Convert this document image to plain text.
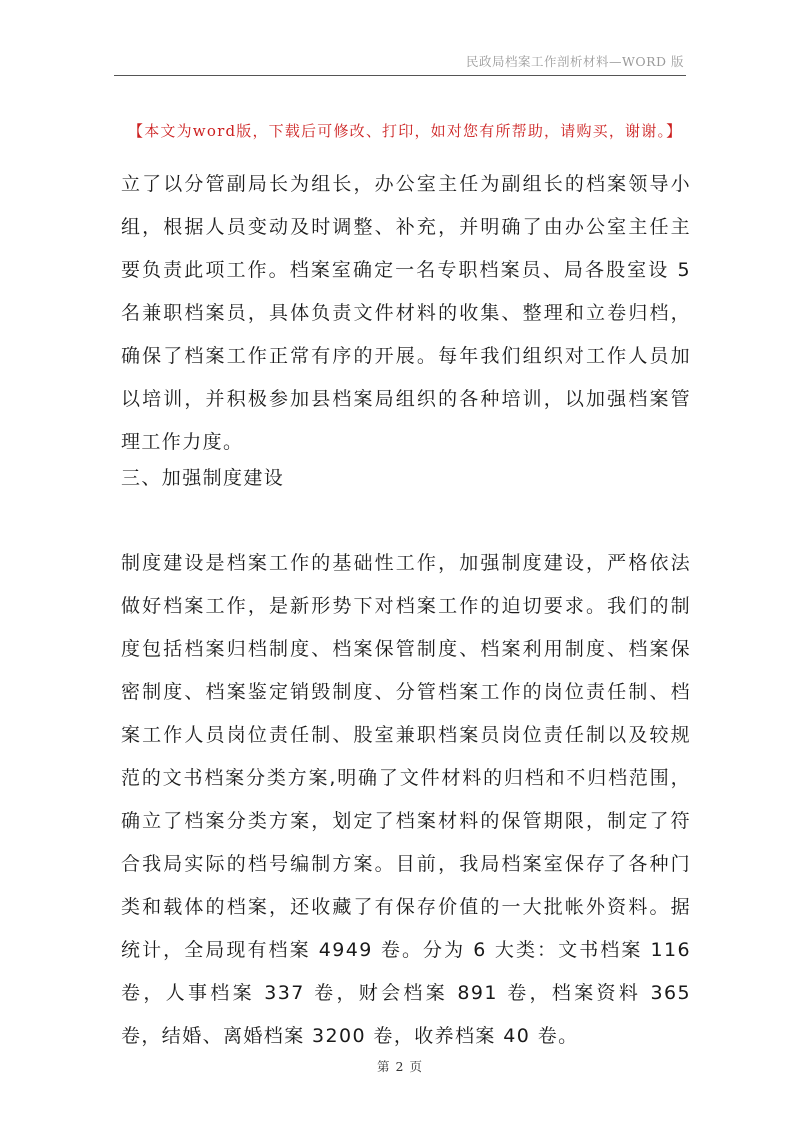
民政局档案工作剖析材料—WORD 版
【本文为word版，下载后可修改、打印，如对您有所帮助，请购买，谢谢。】
立了以分管副局长为组长，办公室主任为副组长的档案领导小组，根据人员变动及时调整、补充，并明确了由办公室主任主要负责此项工作。档案室确定一名专职档案员、局各股室设 5 名兼职档案员，具体负责文件材料的收集、整理和立卷归档，确保了档案工作正常有序的开展。每年我们组织对工作人员加以培训，并积极参加县档案局组织的各种培训，以加强档案管理工作力度。
三、加强制度建设
制度建设是档案工作的基础性工作，加强制度建设，严格依法做好档案工作，是新形势下对档案工作的迫切要求。我们的制度包括档案归档制度、档案保管制度、档案利用制度、档案保密制度、档案鉴定销毁制度、分管档案工作的岗位责任制、档案工作人员岗位责任制、股室兼职档案员岗位责任制以及较规范的文书档案分类方案,明确了文件材料的归档和不归档范围，确立了档案分类方案，划定了档案材料的保管期限，制定了符合我局实际的档号编制方案。目前，我局档案室保存了各种门类和载体的档案，还收藏了有保存价值的一大批帐外资料。据统计，全局现有档案 4949 卷。分为 6 大类：文书档案 116 卷，人事档案 337 卷，财会档案 891 卷，档案资料 365 卷，结婚、离婚档案 3200 卷，收养档案 40 卷。
第 2 页
